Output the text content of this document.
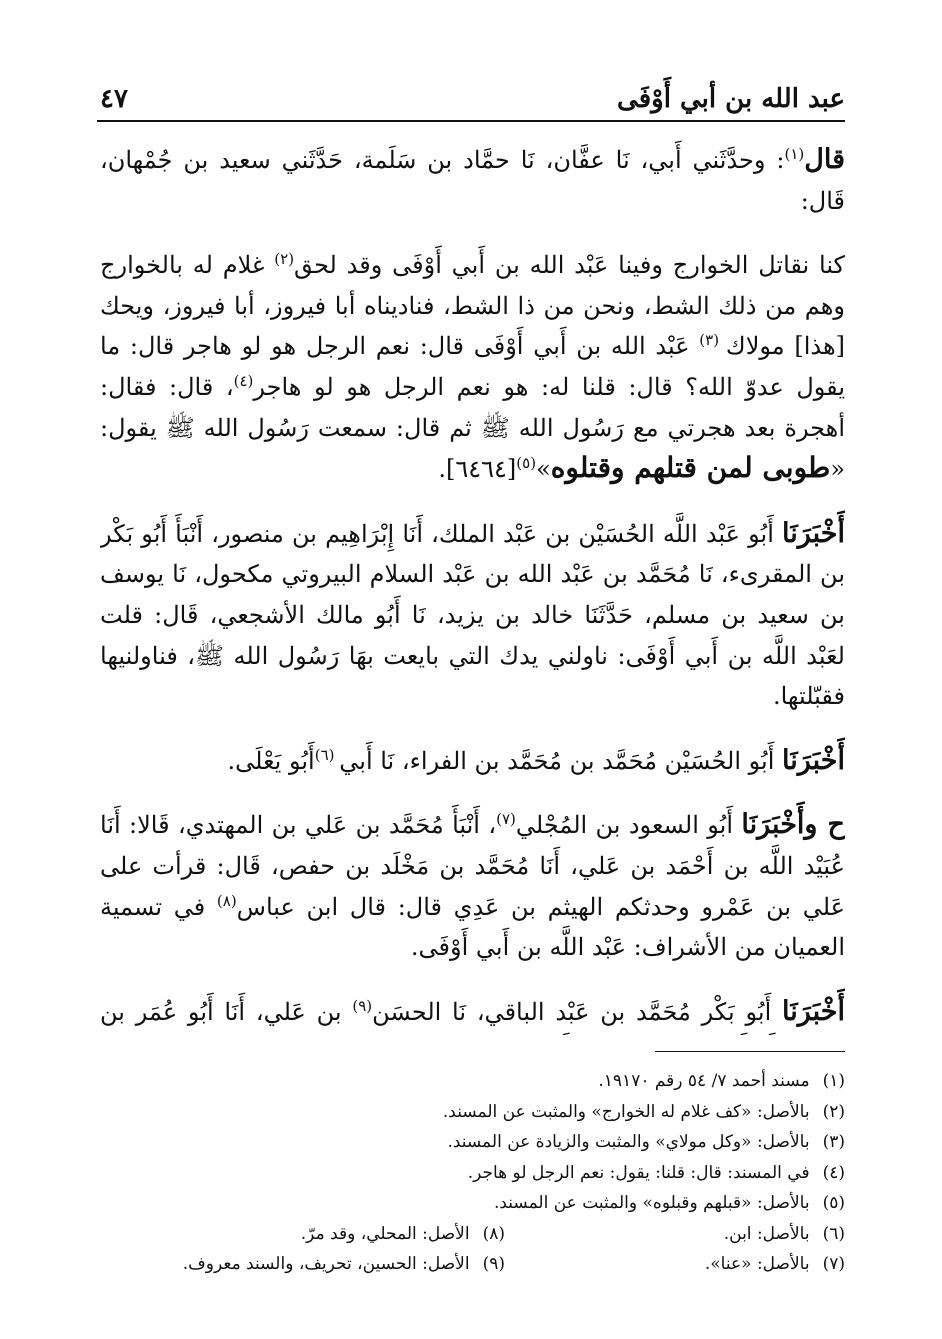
٤٧	عبد الله بن أبي أَوْفَى

قال$^{(١)}$: وحدَّثَني أَبي، نَا عفَّان، نَا حمَّاد بن سَلَمة، حَدَّثَني سعيد بن جُمْهان، قَال:

كنا نقاتل الخوارج وفينا عَبْد الله بن أَبي أَوْفَى وقد لحق$^{(٢)}$ غلام له بالخوارج وهم من ذلك الشط، ونحن من ذا الشط، فناديناه أبا فيروز، أبا فيروز، ويحك [هذا] مولاك $^{(٣)}$ عَبْد الله بن أَبي أَوْفَى قال: نعم الرجل هو لو هاجر قال: ما يقول عدوّ الله؟ قال: قلنا له: هو نعم الرجل هو لو هاجر$^{(٤)}$، قال: فقال: أهجرة بعد هجرتي مع رَسُول الله ﷺ ثم قال: سمعت رَسُول الله ﷺ يقول: «طوبى لمن قتلهم وقتلوه»$^{(٥)}$[٦٤٦٤].

أَخْبَرَنَا أَبُو عَبْد اللَّه الحُسَيْن بن عَبْد الملك، أَنَا إِبْرَاهِيم بن منصور، أَنْبَأَ أَبُو بَكْر بن المقرىء، نَا مُحَمَّد بن عَبْد الله بن عَبْد السلام البيروتي مكحول، نَا يوسف بن سعيد بن مسلم، حَدَّثَنَا خالد بن يزيد، نَا أَبُو مالك الأشجعي، قَال: قلت لعَبْد اللَّه بن أَبي أَوْفَى: ناولني يدك التي بايعت بهَا رَسُول الله ﷺ، فناولنيها فقبّلتها.

أَخْبَرَنَا أَبُو الحُسَيْن مُحَمَّد بن مُحَمَّد بن الفراء، نَا أَبي $^{(٦)}$أَبُو يَعْلَى.

ح وأَخْبَرَنَا أَبُو السعود بن المُجْلي$^{(٧)}$، أَنْبَأَ مُحَمَّد بن عَلي بن المهتدي، قَالا: أَنَا عُبَيْد اللَّه بن أَحْمَد بن عَلي، أَنَا مُحَمَّد بن مَخْلَد بن حفص، قَال: قرأت على عَلي بن عَمْرو وحدثكم الهيثم بن عَدِي قال: قال ابن عباس$^{(٨)}$ في تسمية العميان من الأشراف: عَبْد اللَّه بن أَبي أَوْفَى.

أَخْبَرَنَا أَبُو بَكْر مُحَمَّد بن عَبْد الباقي، نَا الحسَن$^{(٩)}$ بن عَلي، أَنَا أَبُو عُمَر بن

(١) مسند أحمد ٧/ ٥٤ رقم ١٩١٧٠.
(٢) بالأصل: «كف غلام له الخوارج» والمثبت عن المسند.
(٣) بالأصل: «وكل مولاي» والمثبت والزيادة عن المسند.
(٤) في المسند: قال: قلنا: يقول: نعم الرجل لو هاجر.
(٥) بالأصل: «قبلهم وقبلوه» والمثبت عن المسند.
(٦) بالأصل: ابن.
(٨) الأصل: المحلي، وقد مرّ.
(٧) بالأصل: «عنا».
(٩) الأصل: الحسين، تحريف، والسند معروف.
